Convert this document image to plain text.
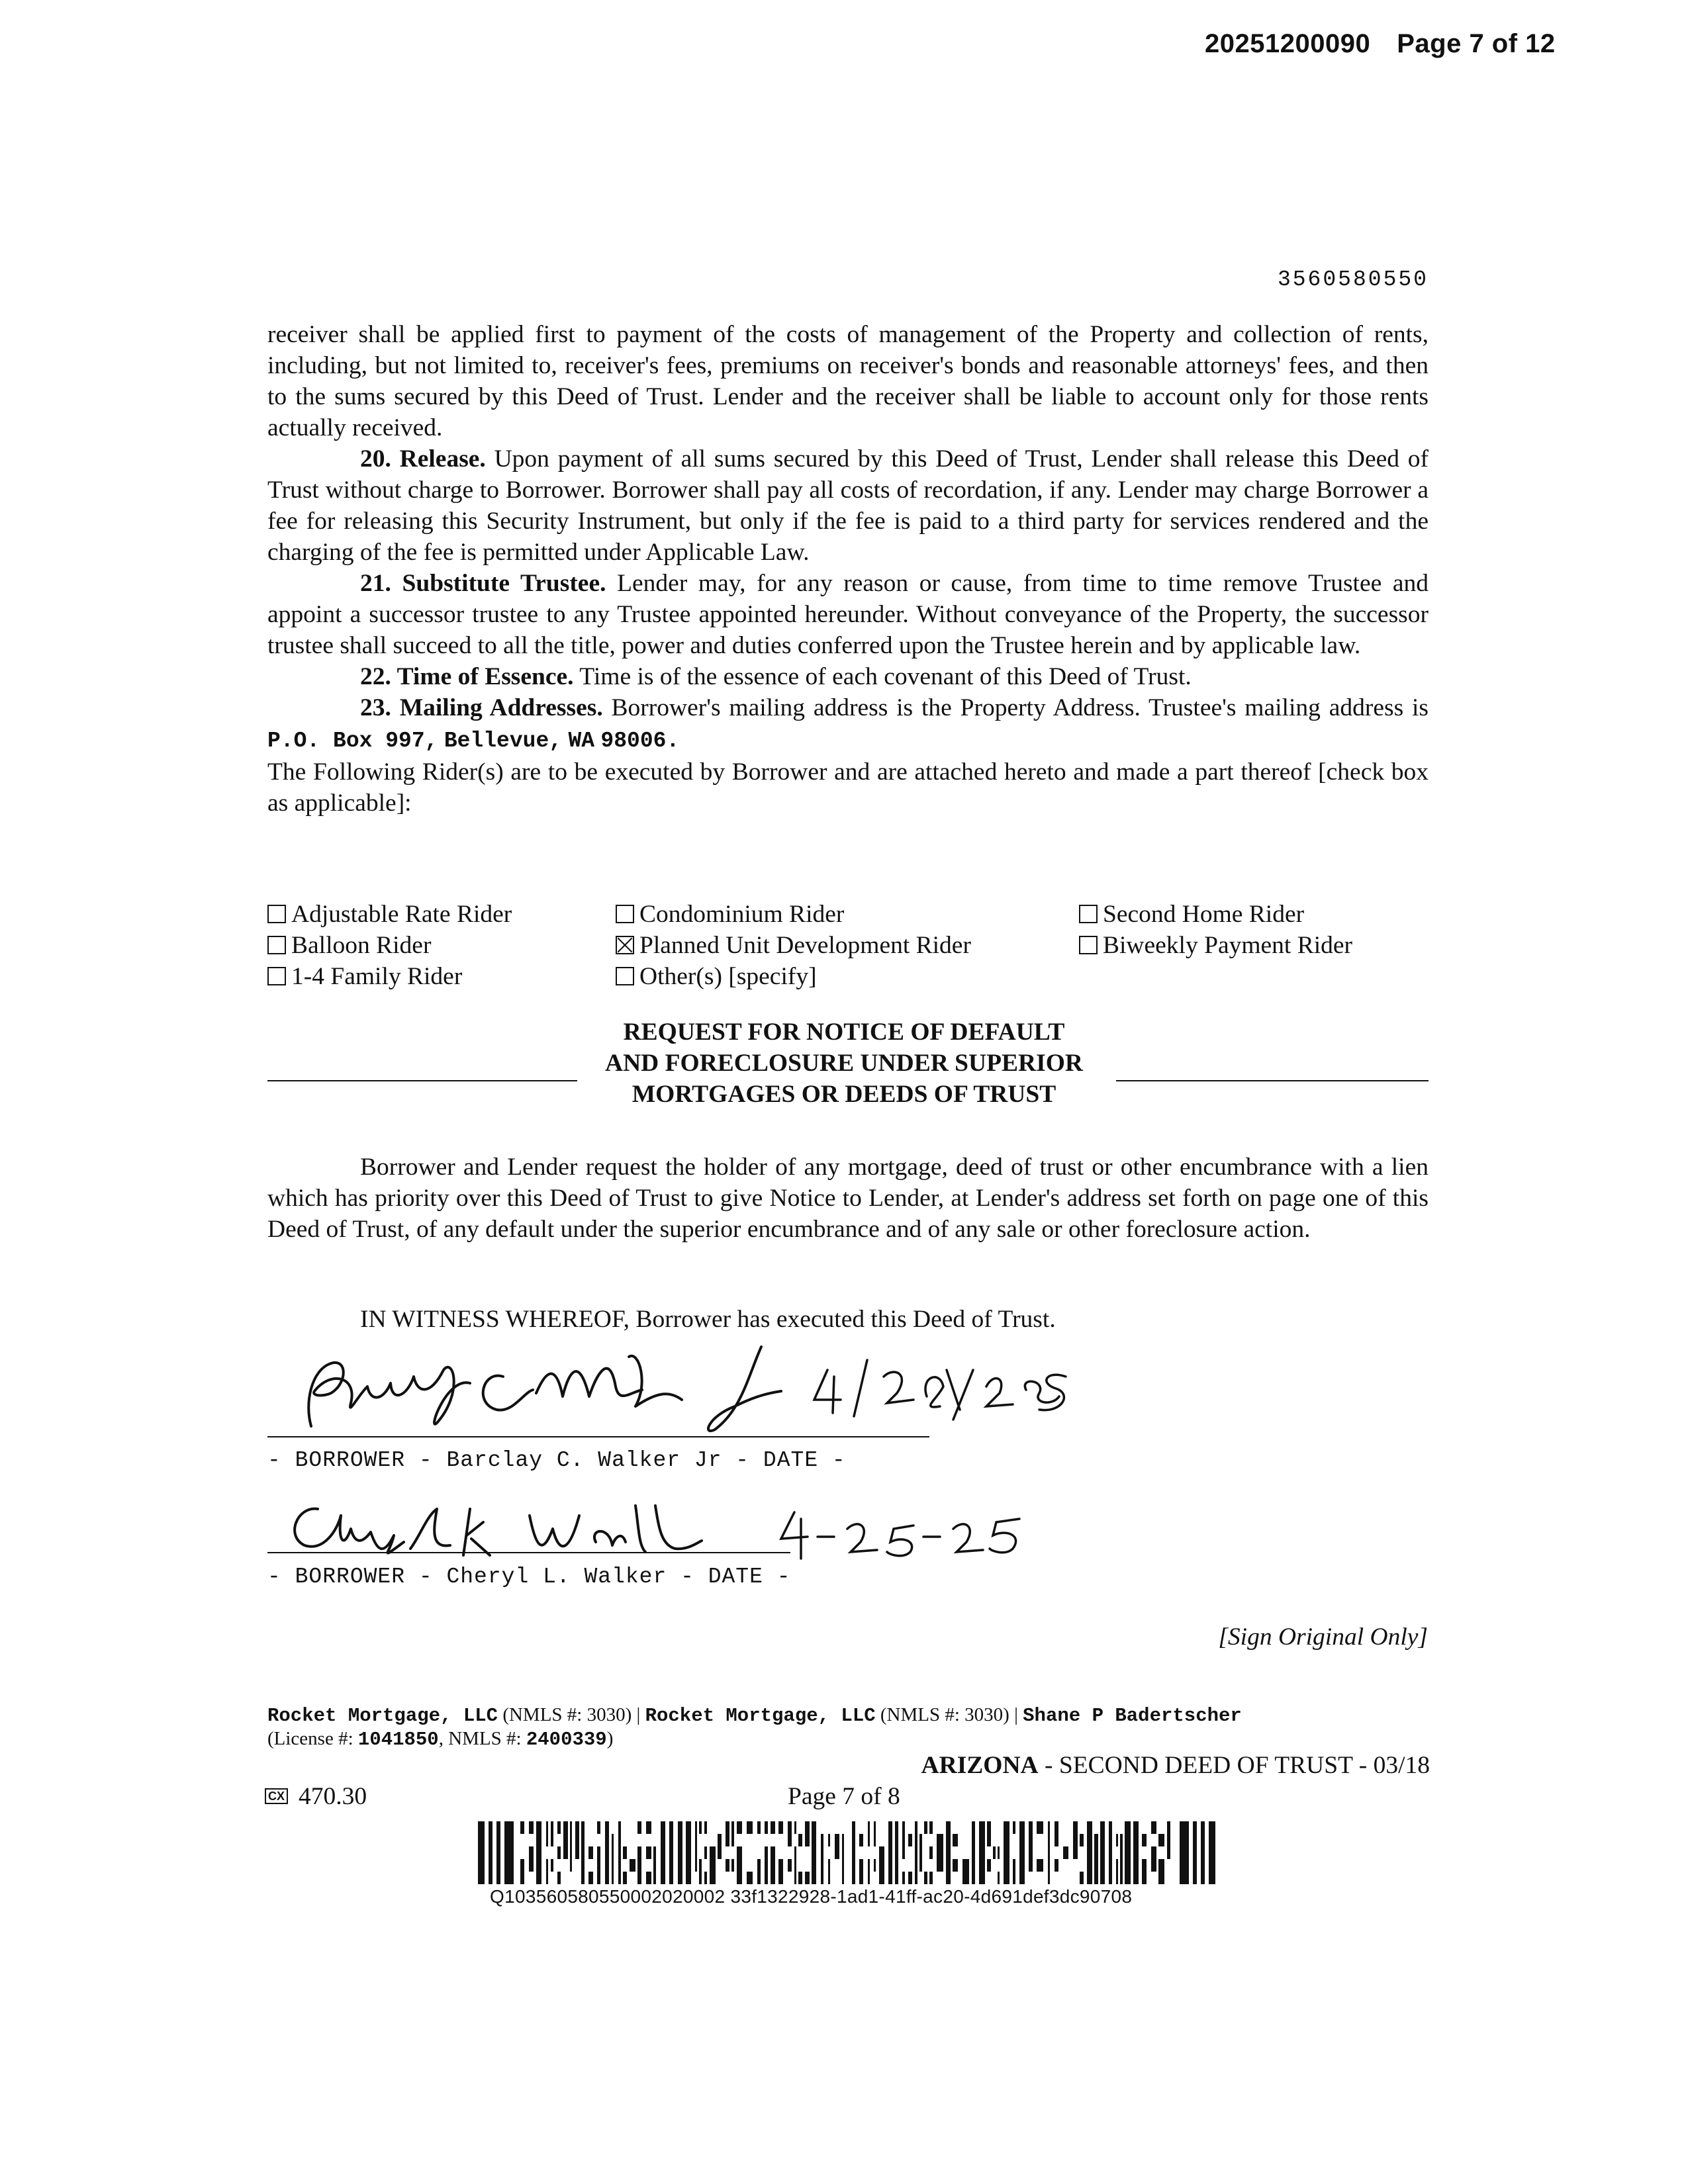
20251200090 Page 7 of 12
3560580550

receiver shall be applied first to payment of the costs of management of the Property and collection of rents, including, but not limited to, receiver's fees, premiums on receiver's bonds and reasonable attorneys' fees, and then to the sums secured by this Deed of Trust. Lender and the receiver shall be liable to account only for those rents actually received.

20. Release. Upon payment of all sums secured by this Deed of Trust, Lender shall release this Deed of Trust without charge to Borrower. Borrower shall pay all costs of recordation, if any. Lender may charge Borrower a fee for releasing this Security Instrument, but only if the fee is paid to a third party for services rendered and the charging of the fee is permitted under Applicable Law.

21. Substitute Trustee. Lender may, for any reason or cause, from time to time remove Trustee and appoint a successor trustee to any Trustee appointed hereunder. Without conveyance of the Property, the successor trustee shall succeed to all the title, power and duties conferred upon the Trustee herein and by applicable law.

22. Time of Essence. Time is of the essence of each covenant of this Deed of Trust.

23. Mailing Addresses. Borrower's mailing address is the Property Address. Trustee's mailing address is P.O. Box 997, Bellevue, WA 98006.

The Following Rider(s) are to be executed by Borrower and are attached hereto and made a part thereof [check box as applicable]:

Adjustable Rate Rider	Condominium Rider	Second Home Rider
Balloon Rider	Planned Unit Development Rider	Biweekly Payment Rider
1-4 Family Rider	Other(s) [specify]
REQUEST FOR NOTICE OF DEFAULT
AND FORECLOSURE UNDER SUPERIOR
MORTGAGES OR DEEDS OF TRUST

Borrower and Lender request the holder of any mortgage, deed of trust or other encumbrance with a lien which has priority over this Deed of Trust to give Notice to Lender, at Lender's address set forth on page one of this Deed of Trust, of any default under the superior encumbrance and of any sale or other foreclosure action.

IN WITNESS WHEREOF, Borrower has executed this Deed of Trust.
- BORROWER - Barclay C. Walker Jr - DATE -
- BORROWER - Cheryl L. Walker - DATE -
[Sign Original Only]
Rocket Mortgage, LLC (NMLS #: 3030) | Rocket Mortgage, LLC (NMLS #: 3030) | Shane P Badertscher
(License #: 1041850, NMLS #: 2400339)
ARIZONA - SECOND DEED OF TRUST - 03/18
CX 470.30	Page 7 of 8
Q103560580550002020002 33f1322928-1ad1-41ff-ac20-4d691def3dc90708
